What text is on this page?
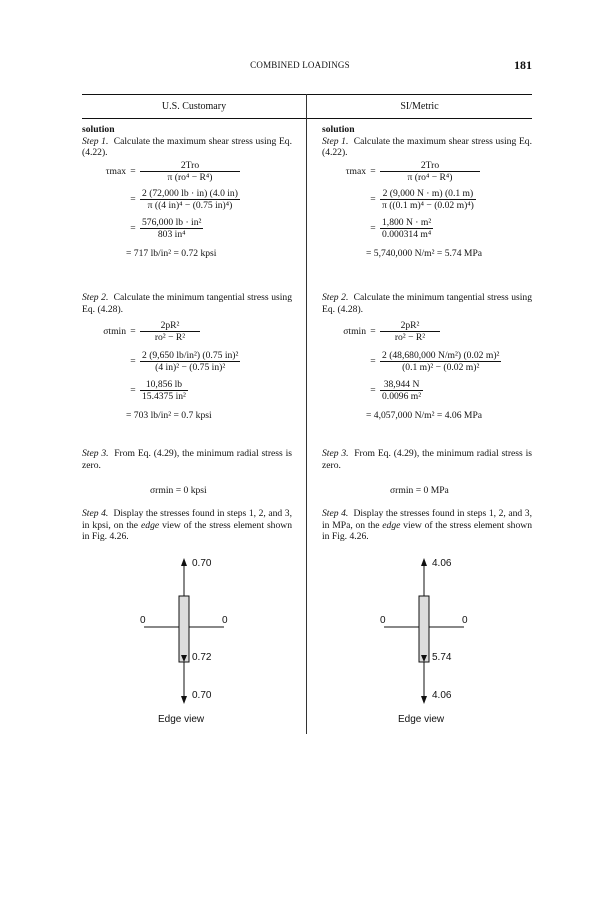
COMBINED LOADINGS	181
U.S. Customary	SI/Metric

solution

Step 1. Calculate the maximum shear stress using Eq. (4.22).

$\tau\max = \frac{\text{2Tro}}{\text{π (ro⁴ − R⁴)}}$
= $\frac{2 (72,000 lb \cdot in) (4.0 in)}{\text{π ((4 in)⁴ − (0.75 in)⁴)}}$
= $\frac{\text{576,000 lb · in²}}{\text{803 in⁴}}$
= 717 lb/in² = 0.72 kpsi

Step 2. Calculate the minimum tangential stress using Eq. (4.28).

$\sigma tmin = \frac{\text{2pR²}}{\text{ro² − R²}}$
= $\frac{\text{2 (9,650 lb/in²) (0.75 in)²}}{\text{(4 in)² − (0.75 in)²}}$
= $\frac{10,856 lb}{\text{15.4375 in²}}$
= 703 lb/in² = 0.7 kpsi

Step 3. From Eq. (4.29), the minimum radial stress is zero.

σrmin = 0 kpsi

Step 4. Display the stresses found in steps 1, 2, and 3, in kpsi, on the edge view of the stress element shown in Fig. 4.26.

0.70
0.70
0	0
0.72
Edge view

solution

Step 1. Calculate the maximum shear stress using Eq. (4.22).

$\tau\max = \frac{\text{2Tro}}{\text{π (ro⁴ − R⁴)}}$
= $\frac{2 (9,000 N \cdot m) (0.1 m)}{\text{π ((0.1 m)⁴ − (0.02 m)⁴)}}$
= $\frac{\text{1,800 N · m²}}{\text{0.000314 m⁴}}$
= 5,740,000 N/m² = 5.74 MPa

Step 2. Calculate the minimum tangential stress using Eq. (4.28).

$\sigma tmin = \frac{\text{2pR²}}{\text{ro² − R²}}$
= $\frac{\text{2 (48,680,000 N/m²) (0.02 m)²}}{\text{(0.1 m)² − (0.02 m)²}}$
= $\frac{38,944 N}{\text{0.0096 m²}}$
= 4,057,000 N/m² = 4.06 MPa

Step 3. From Eq. (4.29), the minimum radial stress is zero.

σrmin = 0 MPa

Step 4. Display the stresses found in steps 1, 2, and 3, in MPa, on the edge view of the stress element shown in Fig. 4.26.

4.06
4.06
0	0
5.74
Edge view
